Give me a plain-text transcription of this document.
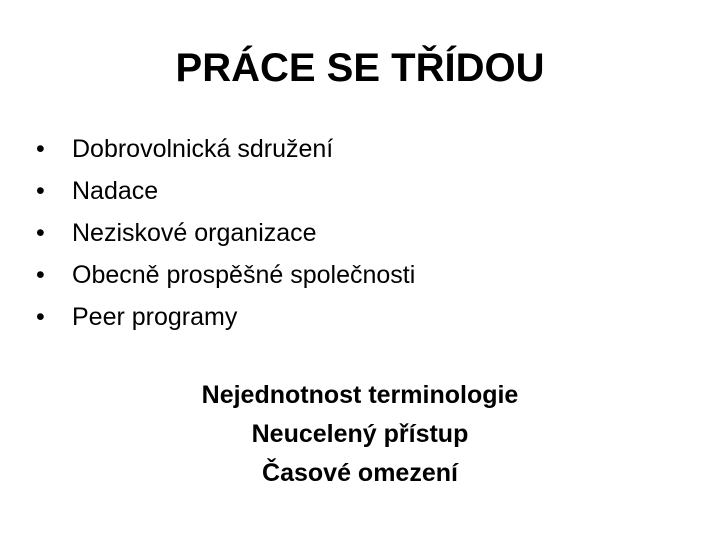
PRÁCE SE TŘÍDOU
•	Dobrovolnická sdružení
•	Nadace
•	Neziskové organizace
•	Obecně prospěšné společnosti
•	Peer programy
Nejednotnost terminologie
Neucelený přístup
Časové omezení
